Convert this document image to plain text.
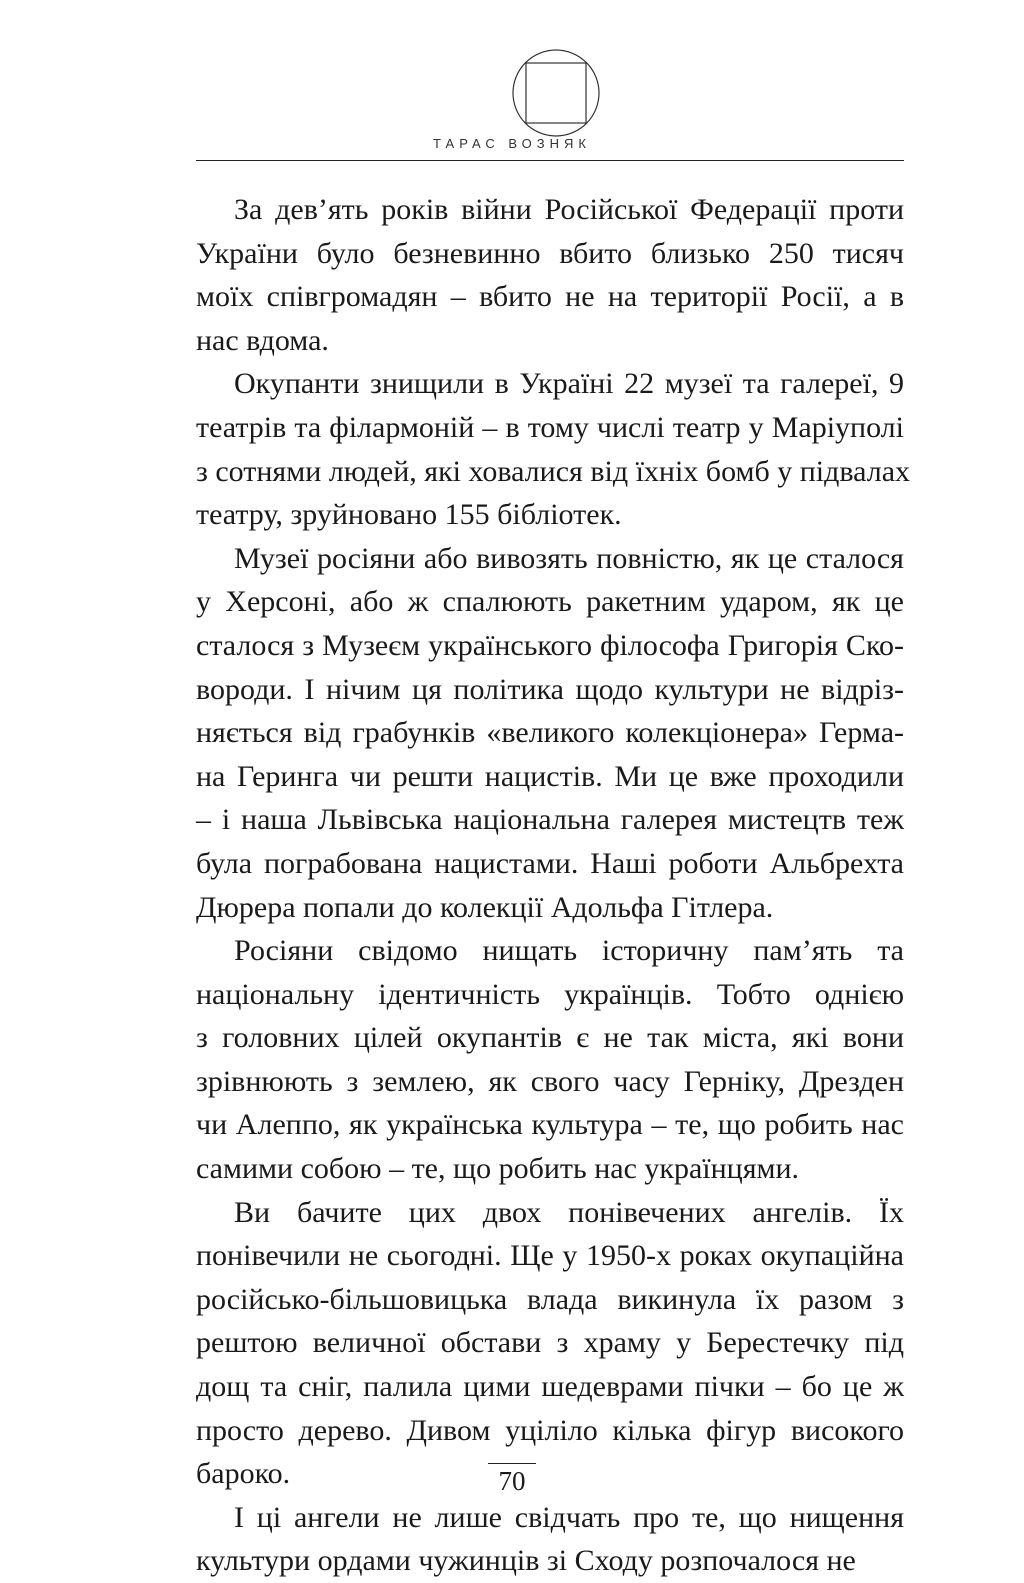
ТАРАС ВОЗНЯК

За дев’ять років війни Російської Федерації проти
України було безневинно вбито близько 250 тисяч
моїх співгромадян – вбито не на території Росії, а в
нас вдома.

Окупанти знищили в Україні 22 музеї та галереї, 9
театрів та філармоній – в тому числі театр у Маріуполі
з сотнями людей, які ховалися від їхніх бомб у підвалах
театру, зруйновано 155 бібліотек.

Музеї росіяни або вивозять повністю, як це сталося
у Херсоні, або ж спалюють ракетним ударом, як це
сталося з Музеєм українського філософа Григорія Ско-
вороди. І нічим ця політика щодо культури не відріз-
няється від грабунків «великого колекціонера» Герма-
на Геринга чи решти нацистів. Ми це вже проходили
– і наша Львівська національна галерея мистецтв теж
була пограбована нацистами. Наші роботи Альбрехта
Дюрера попали до колекції Адольфа Гітлера.

Росіяни свідомо нищать історичну пам’ять та
національну ідентичність українців. Тобто однією
з головних цілей окупантів є не так міста, які вони
зрівнюють з землею, як свого часу Герніку, Дрезден
чи Алеппо, як українська культура – те, що робить нас
самими собою – те, що робить нас українцями.

Ви бачите цих двох понівечених ангелів. Їх
понівечили не сьогодні. Ще у 1950-х роках окупаційна
російсько-більшовицька влада викинула їх разом з
рештою величної обстави з храму у Берестечку під
дощ та сніг, палила цими шедеврами пічки – бо це ж
просто дерево. Дивом уціліло кілька фігур високого
бароко.

І ці ангели не лише свідчать про те, що нищення
культури ордами чужинців зі Сходу розпочалося не

70
